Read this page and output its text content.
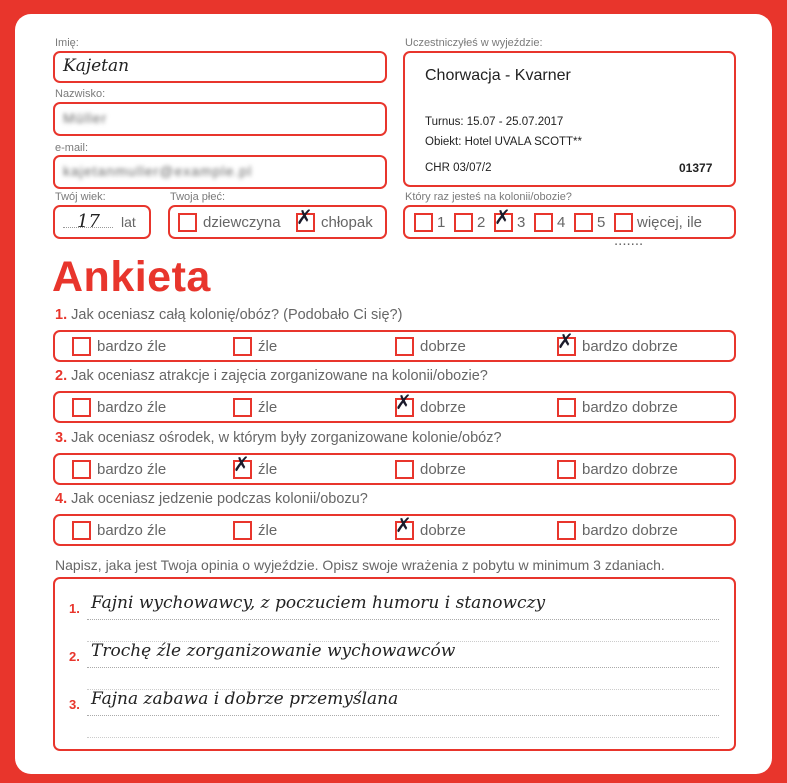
Imię:
Kajetan
Nazwisko:
Müller
e-mail:
kajetanmuller@example.pl
Twój wiek:
17 lat
Twoja płeć:
dziewczyna ✗ chłopak
Uczestniczyłeś w wyjeździe:
Chorwacja - Kvarner
Turnus: 15.07 - 25.07.2017
Obiekt: Hotel UVALA SCOTT**
CHR 03/07/2	01377
Który raz jesteś na kolonii/obozie?
1	2 ✗ 3	4	5	więcej, ile .......
Ankieta
1. Jak oceniasz całą kolonię/obóz? (Podobało Ci się?)
bardzo źle	źle	dobrze	✗ bardzo dobrze
2. Jak oceniasz atrakcje i zajęcia zorganizowane na kolonii/obozie?
bardzo źle	źle	✗ dobrze	bardzo dobrze
3. Jak oceniasz ośrodek, w którym były zorganizowane kolonie/obóz?
bardzo źle	✗ źle	dobrze	bardzo dobrze
4. Jak oceniasz jedzenie podczas kolonii/obozu?
bardzo źle	źle	✗ dobrze	bardzo dobrze
Napisz, jaka jest Twoja opinia o wyjeździe. Opisz swoje wrażenia z pobytu w minimum 3 zdaniach.
1. Fajni wychowawcy, z poczuciem humoru i stanowczy
2. Trochę źle zorganizowanie wychowawców
3. Fajna zabawa i dobrze przemyślana
